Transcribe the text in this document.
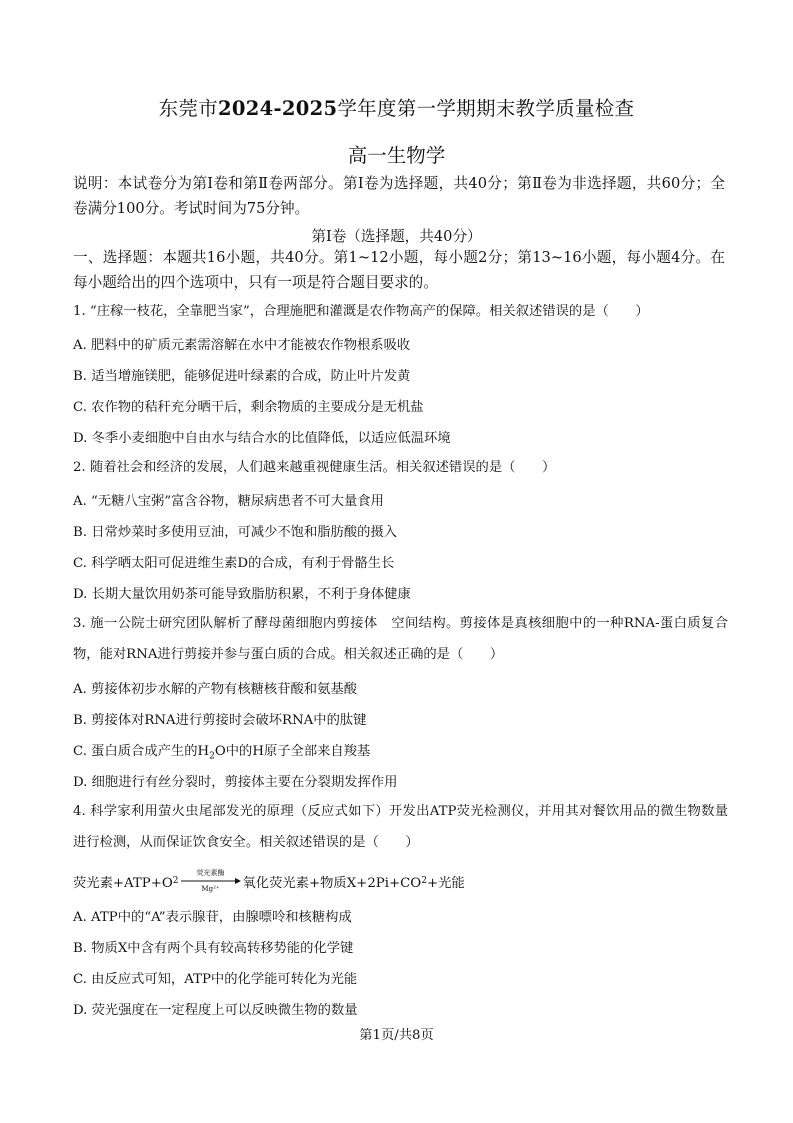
东莞市2024-2025学年度第一学期期末教学质量检查
高一生物学
说明：本试卷分为第Ⅰ卷和第Ⅱ卷两部分。第Ⅰ卷为选择题，共40分；第Ⅱ卷为非选择题，共60分；全卷满分100分。考试时间为75分钟。
第Ⅰ卷（选择题，共40分）
一、选择题：本题共16小题，共40分。第1~12小题，每小题2分；第13~16小题，每小题4分。在每小题给出的四个选项中，只有一项是符合题目要求的。
1. “庄稼一枝花，全靠肥当家”，合理施肥和灌溉是农作物高产的保障。相关叙述错误的是（　　）
A. 肥料中的矿质元素需溶解在水中才能被农作物根系吸收
B. 适当增施镁肥，能够促进叶绿素的合成，防止叶片发黄
C. 农作物的秸秆充分晒干后，剩余物质的主要成分是无机盐
D. 冬季小麦细胞中自由水与结合水的比值降低，以适应低温环境
2. 随着社会和经济的发展，人们越来越重视健康生活。相关叙述错误的是（　　）
A. “无糖八宝粥”富含谷物，糖尿病患者不可大量食用
B. 日常炒菜时多使用豆油，可减少不饱和脂肪酸的摄入
C. 科学晒太阳可促进维生素D的合成，有利于骨骼生长
D. 长期大量饮用奶茶可能导致脂肪积累，不利于身体健康
3. 施一公院士研究团队解析了酵母菌细胞内剪接体　空间结构。剪接体是真核细胞中的一种RNA-蛋白质复合物，能对RNA进行剪接并参与蛋白质的合成。相关叙述正确的是（　　）
A. 剪接体初步水解的产物有核糖核苷酸和氨基酸
B. 剪接体对RNA进行剪接时会破坏RNA中的肽键
C. 蛋白质合成产生的$H_2O$中的H原子全部来自羧基
D. 细胞进行有丝分裂时，剪接体主要在分裂期发挥作用
4. 科学家利用萤火虫尾部发光的原理（反应式如下）开发出ATP荧光检测仪，并用其对餐饮用品的微生物数量进行检测，从而保证饮食安全。相关叙述错误的是（　　）
荧光素+ATP+O 2
荧光素酶
Mg²⁺ 氧化荧光素+物质X+2Pi+CO 2 +光能
A. ATP中的“A”表示腺苷，由腺嘌呤和核糖构成
B. 物质X中含有两个具有较高转移势能的化学键
C. 由反应式可知，ATP中的化学能可转化为光能
D. 荧光强度在一定程度上可以反映微生物的数量
第1页/共8页
